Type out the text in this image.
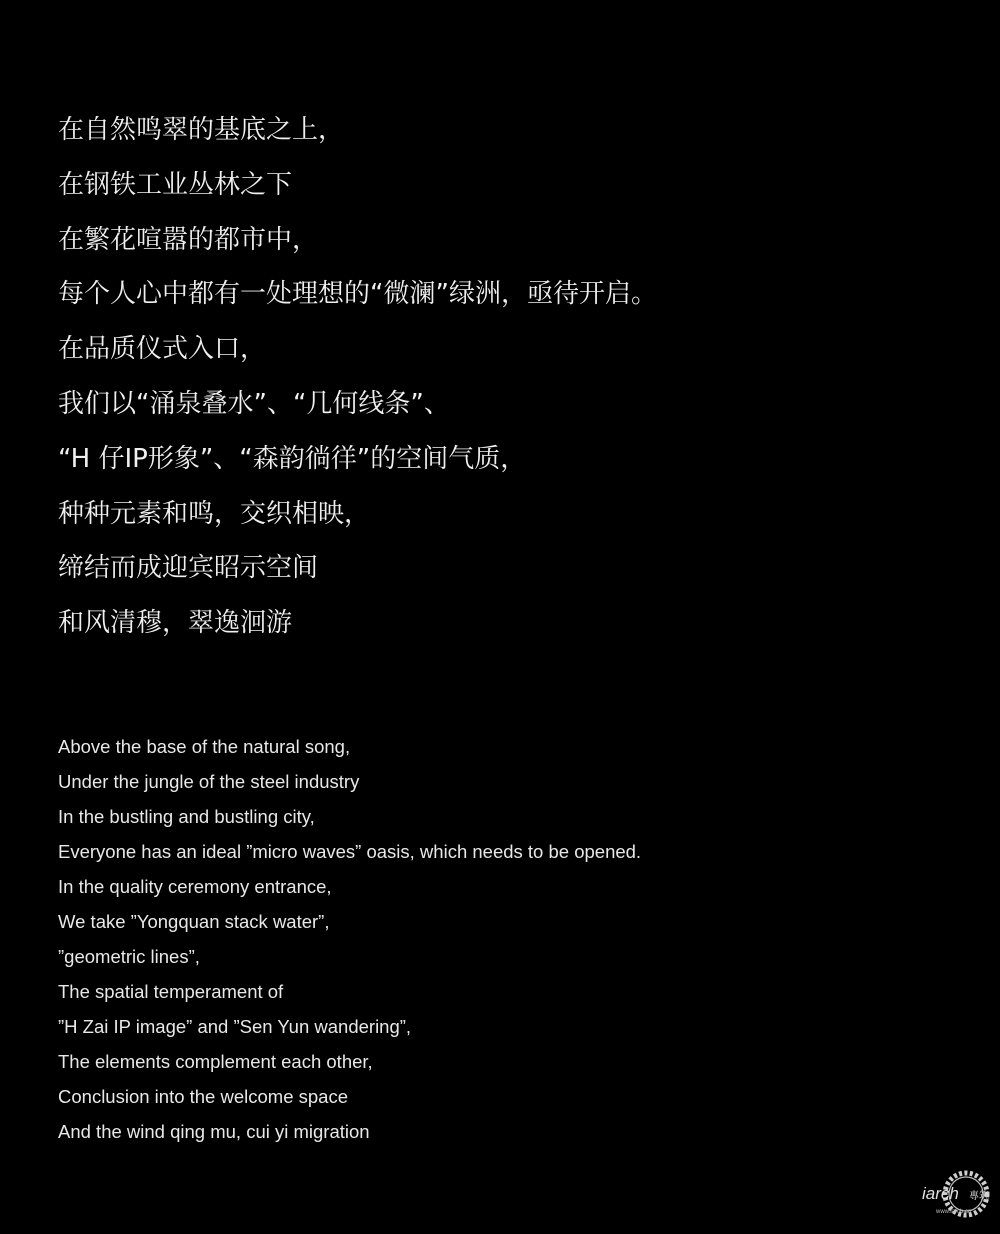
在自然鸣翠的基底之上，
在钢铁工业丛林之下
在繁花喧嚣的都市中，
每个人心中都有一处理想的“微澜”绿洲，亟待开启。
在品质仪式入口，
我们以“涌泉叠水”、“几何线条”、
“H 仔IP形象”、“森韵徜徉”的空间气质，
种种元素和鸣，交织相映，
缔结而成迎宾昭示空间
和风清穆，翠逸洄游
Above the base of the natural song,
Under the jungle of the steel industry
In the bustling and bustling city,
Everyone has an ideal ”micro waves” oasis, which needs to be opened.
In the quality ceremony entrance,
We take ”Yongquan stack water”,
”geometric lines”,
The spatial temperament of
”H Zai IP image” and ”Sen Yun wandering”,
The elements complement each other,
Conclusion into the welcome space
And the wind qing mu, cui yi migration
iarch 專筑
www.iarch.cn
